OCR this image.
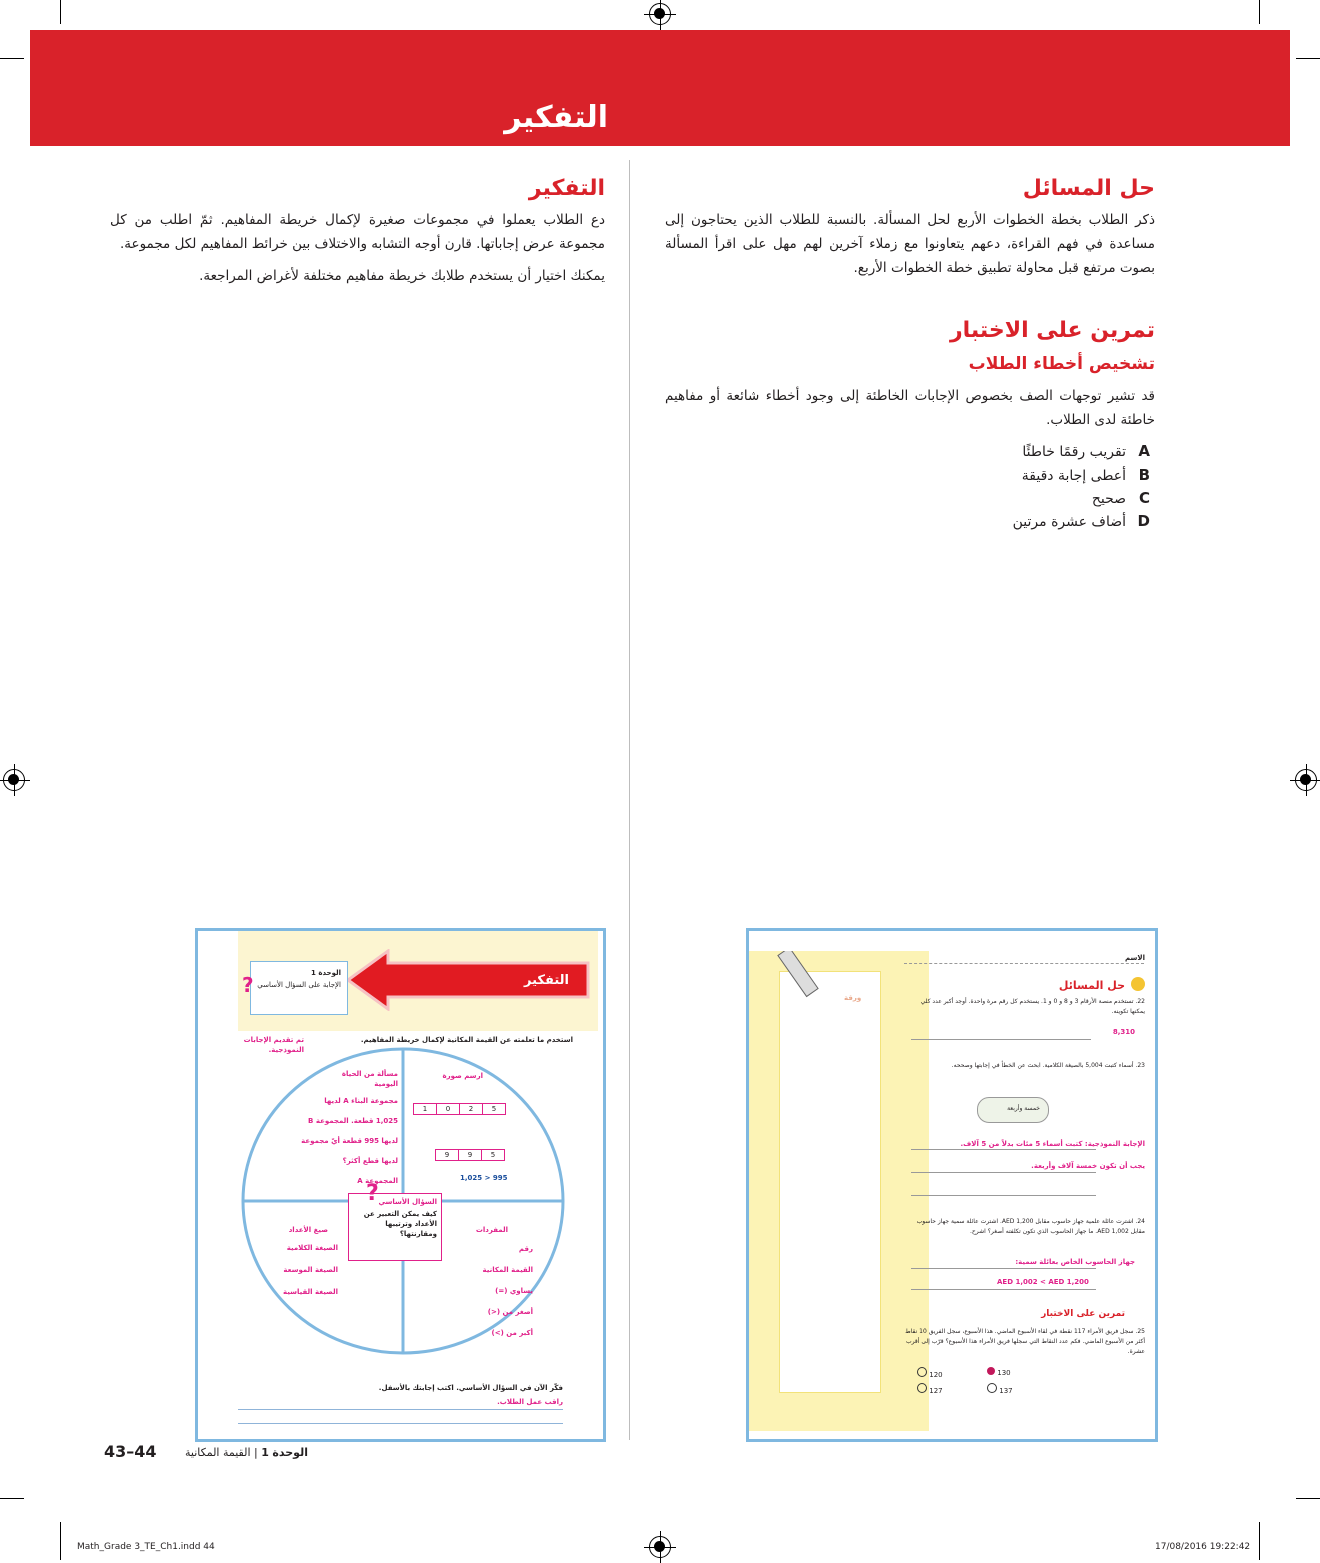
التفكير
حل المسائل
ذكر الطلاب بخطة الخطوات الأربع لحل المسألة. بالنسبة للطلاب الذين يحتاجون إلى مساعدة في فهم القراءة، دعهم يتعاونوا مع زملاء آخرين لهم مهل على اقرأ المسألة بصوت مرتفع قبل محاولة تطبيق خطة الخطوات الأربع.
تمرين على الاختبار
تشخيص أخطاء الطلاب
قد تشير توجهات الصف بخصوص الإجابات الخاطئة إلى وجود أخطاء شائعة أو مفاهيم خاطئة لدى الطلاب.
Aتقريب رقمًا خاطئًا
Bأعطى إجابة دقيقة
Cصحيح
Dأضاف عشرة مرتين
التفكير
دع الطلاب يعملوا في مجموعات صغيرة لإكمال خريطة المفاهيم. ثمّ اطلب من كل مجموعة عرض إجاباتها. قارن أوجه التشابه والاختلاف بين خرائط المفاهيم لكل مجموعة.
يمكنك اختيار أن يستخدم طلابك خريطة مفاهيم مختلفة لأغراض المراجعة.
التفكير
الوحدة 1
الإجابة على السؤال الأساسي
?
تم تقديم الإجابات النموذجية.
استخدم ما تعلمته عن القيمة المكانية لإكمال خريطة المفاهيم.
مسألة من الحياة اليومية
مجموعة البناء A لديها
1,025 قطعة. المجموعة B
لديها 995 قطعة أيّ مجموعة
لديها قطع أكثر؟
المجموعة A
ارسم صورة
1	0	2	5
9	9	5
1,025 > 995
السؤال الأساسي
كيف يمكن التعبير عن الأعداد وترتيبها ومقارنتها؟
?
صيغ الأعداد
الصيغة الكلامية
الصيغة الموسعة
الصيغة القياسية
المفردات
رقم
القيمة المكانية
يساوي (=)
أصغر من (<)
أكبر من (>)
فكّر الآن في السؤال الأساسي. اكتب إجابتك بالأسفل.
راقب عمل الطلاب.
ورقة
الاسم
حل المسائل
22. تستخدم منصة الأرقام 3 و 8 و 0 و 1. يستخدم كل رقم مرة واحدة. أوجد أكبر عدد كلي يمكنها تكوينه.
8,310
23. أسماء كتبت 5,004 بالصيغة الكلامية. ابحث عن الخطأ في إجابتها وصححه.
خمسة وأربعة
الإجابة النموذجية: كتبت أسماء 5 مئات بدلاً من 5 آلاف.
يجب أن تكون خمسة آلاف وأربعة.
24. اشترت عائلة علمية جهاز حاسوب مقابل AED 1,200. اشترت عائلة سمية جهاز حاسوب مقابل AED 1,002. ما جهاز الحاسوب الذي تكون تكلفته أصغر؟ اشرح.
جهاز الحاسوب الخاص بعائلة سمية:
AED 1,002 < AED 1,200
تمرين على الاختبار
25. سجل فريق الأمراء 117 نقطة في لقاء الأسبوع الماضي. هذا الأسبوع، سجل الفريق 10 نقاط أكثر من الأسبوع الماضي. فكم عدد النقاط التي سجلها فريق الأمراء هذا الأسبوع؟ قرّب إلى أقرب عشرة.
130
120
137
127
43–44	الوحدة 1 | القيمة المكانية
Math_Grade 3_TE_Ch1.indd 44	17/08/2016 19:22:42
